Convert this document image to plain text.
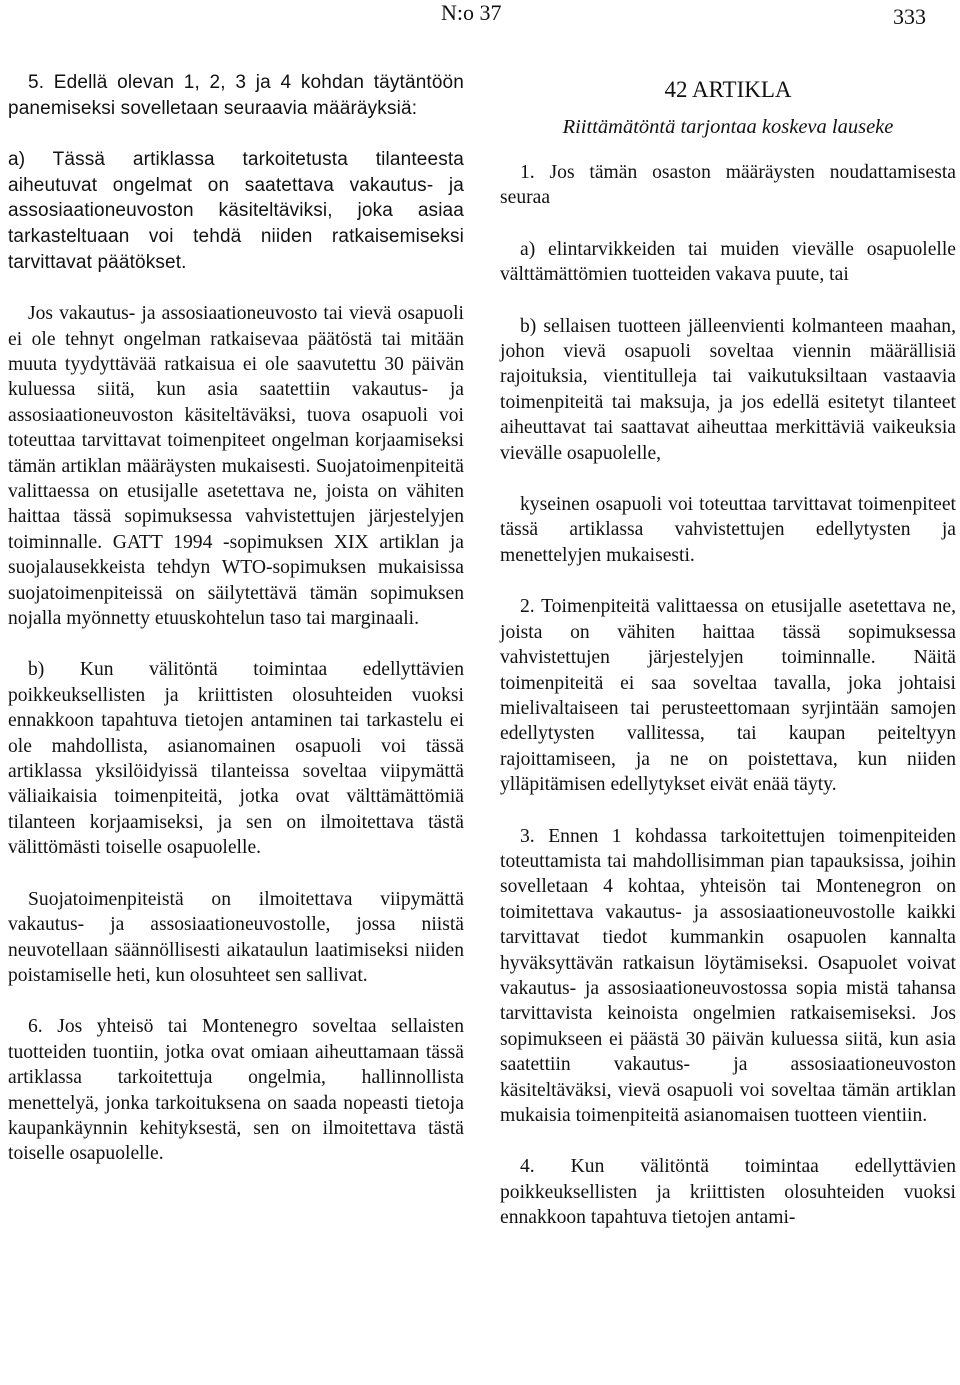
N:o 37	333

5. Edellä olevan 1, 2, 3 ja 4 kohdan täytäntöön panemiseksi sovelletaan seuraavia määräyksiä:

a) Tässä artiklassa tarkoitetusta tilanteesta aiheutuvat ongelmat on saatettava vakautus- ja assosiaationeuvoston käsiteltäviksi, joka asiaa tarkasteltuaan voi tehdä niiden ratkaisemiseksi tarvittavat päätökset.

Jos vakautus- ja assosiaationeuvosto tai vievä osapuoli ei ole tehnyt ongelman ratkaisevaa päätöstä tai mitään muuta tyydyttävää ratkaisua ei ole saavutettu 30 päivän kuluessa siitä, kun asia saatettiin vakautus- ja assosiaationeuvoston käsiteltäväksi, tuova osapuoli voi toteuttaa tarvittavat toimenpiteet ongelman korjaamiseksi tämän artiklan määräysten mukaisesti. Suojatoimenpiteitä valittaessa on etusijalle asetettava ne, joista on vähiten haittaa tässä sopimuksessa vahvistettujen järjestelyjen toiminnalle. GATT 1994 -sopimuksen XIX artiklan ja suojalausekkeista tehdyn WTO-sopimuksen mukaisissa suojatoimenpiteissä on säilytettävä tämän sopimuksen nojalla myönnetty etuuskohtelun taso tai marginaali.

b) Kun välitöntä toimintaa edellyttävien poikkeuksellisten ja kriittisten olosuhteiden vuoksi ennakkoon tapahtuva tietojen antaminen tai tarkastelu ei ole mahdollista, asianomainen osapuoli voi tässä artiklassa yksilöidyissä tilanteissa soveltaa viipymättä väliaikaisia toimenpiteitä, jotka ovat välttämättömiä tilanteen korjaamiseksi, ja sen on ilmoitettava tästä välittömästi toiselle osapuolelle.

Suojatoimenpiteistä on ilmoitettava viipymättä vakautus- ja assosiaationeuvostolle, jossa niistä neuvotellaan säännöllisesti aikataulun laatimiseksi niiden poistamiselle heti, kun olosuhteet sen sallivat.

6. Jos yhteisö tai Montenegro soveltaa sellaisten tuotteiden tuontiin, jotka ovat omiaan aiheuttamaan tässä artiklassa tarkoitettuja ongelmia, hallinnollista menettelyä, jonka tarkoituksena on saada nopeasti tietoja kaupankäynnin kehityksestä, sen on ilmoitettava tästä toiselle osapuolelle.

42 ARTIKLA

Riittämätöntä tarjontaa koskeva lauseke

1. Jos tämän osaston määräysten noudattamisesta seuraa

a) elintarvikkeiden tai muiden vievälle osapuolelle välttämättömien tuotteiden vakava puute, tai

b) sellaisen tuotteen jälleenvienti kolmanteen maahan, johon vievä osapuoli soveltaa viennin määrällisiä rajoituksia, vientitulleja tai vaikutuksiltaan vastaavia toimenpiteitä tai maksuja, ja jos edellä esitetyt tilanteet aiheuttavat tai saattavat aiheuttaa merkittäviä vaikeuksia vievälle osapuolelle,

kyseinen osapuoli voi toteuttaa tarvittavat toimenpiteet tässä artiklassa vahvistettujen edellytysten ja menettelyjen mukaisesti.

2. Toimenpiteitä valittaessa on etusijalle asetettava ne, joista on vähiten haittaa tässä sopimuksessa vahvistettujen järjestelyjen toiminnalle. Näitä toimenpiteitä ei saa soveltaa tavalla, joka johtaisi mielivaltaiseen tai perusteettomaan syrjintään samojen edellytysten vallitessa, tai kaupan peiteltyyn rajoittamiseen, ja ne on poistettava, kun niiden ylläpitämisen edellytykset eivät enää täyty.

3. Ennen 1 kohdassa tarkoitettujen toimenpiteiden toteuttamista tai mahdollisimman pian tapauksissa, joihin sovelletaan 4 kohtaa, yhteisön tai Montenegron on toimitettava vakautus- ja assosiaationeuvostolle kaikki tarvittavat tiedot kummankin osapuolen kannalta hyväksyttävän ratkaisun löytämiseksi. Osapuolet voivat vakautus- ja assosiaationeuvostossa sopia mistä tahansa tarvittavista keinoista ongelmien ratkaisemiseksi. Jos sopimukseen ei päästä 30 päivän kuluessa siitä, kun asia saatettiin vakautus- ja assosiaationeuvoston käsiteltäväksi, vievä osapuoli voi soveltaa tämän artiklan mukaisia toimenpiteitä asianomaisen tuotteen vientiin.

4. Kun välitöntä toimintaa edellyttävien poikkeuksellisten ja kriittisten olosuhteiden vuoksi ennakkoon tapahtuva tietojen antami-
